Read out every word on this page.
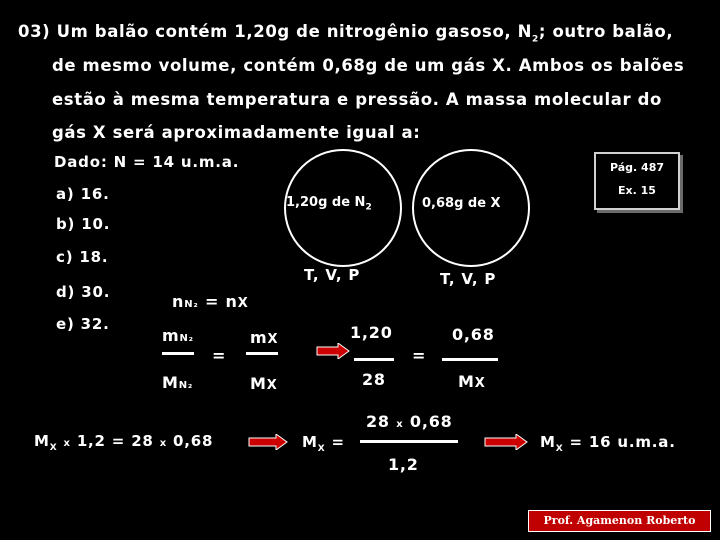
03) Um balão contém 1,20g de nitrogênio gasoso, $N_2$; outro balão,
de mesmo volume, contém 0,68g de um gás X. Ambos os balões
estão à mesma temperatura e pressão. A massa molecular do
gás X será aproximadamente igual a:
Dado: N = 14 u.m.a.	Pág. 487
Ex. 15
a) 16.
b) 10.
c) 18.
d) 30.
e) 32.
1,20g de $N_2$	0,68g de X
T, V, P	T, V, P
nN₂ = nX
mN₂
MN₂
=
mX
MX
1,20
28
=
0,68
MX
$M_X$ x 1,2 = 28 x 0,68	$M_X$ =
28 x 0,68
1,2
$M_X = 16$ u.m.a.
Prof. Agamenon Roberto
